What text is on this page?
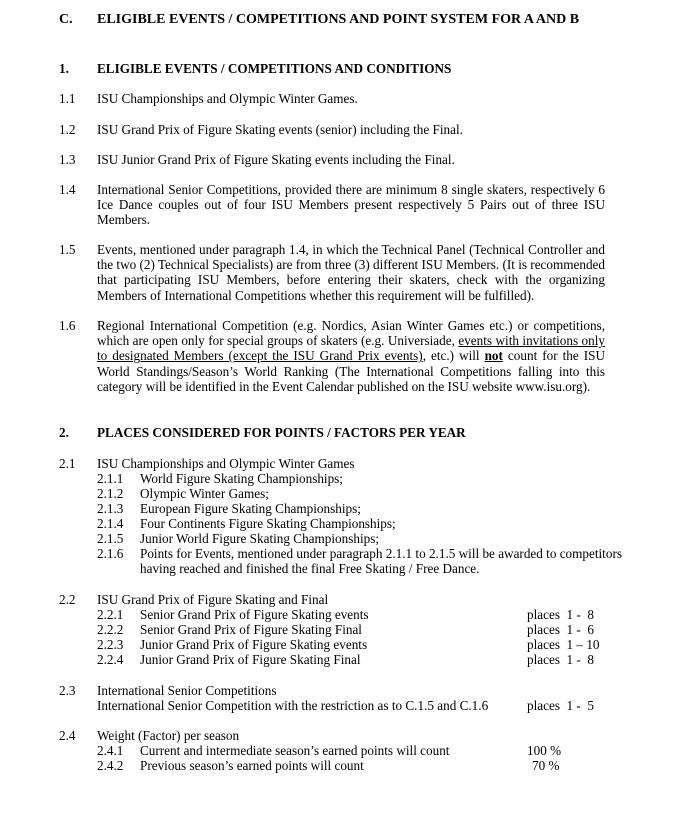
C. ELIGIBLE EVENTS / COMPETITIONS AND POINT SYSTEM FOR A AND B
1. ELIGIBLE EVENTS / COMPETITIONS AND CONDITIONS
1.1 ISU Championships and Olympic Winter Games.
1.2 ISU Grand Prix of Figure Skating events (senior) including the Final.
1.3 ISU Junior Grand Prix of Figure Skating events including the Final.
1.4 International Senior Competitions, provided there are minimum 8 single skaters, respectively 6 Ice Dance couples out of four ISU Members present respectively 5 Pairs out of three ISU Members.
1.5 Events, mentioned under paragraph 1.4, in which the Technical Panel (Technical Controller and the two (2) Technical Specialists) are from three (3) different ISU Members. (It is recommended that participating ISU Members, before entering their skaters, check with the organizing Members of International Competitions whether this requirement will be fulfilled).
1.6 Regional International Competition (e.g. Nordics, Asian Winter Games etc.) or competitions, which are open only for special groups of skaters (e.g. Universiade, events with invitations only to designated Members (except the ISU Grand Prix events), etc.) will not count for the ISU World Standings/Season’s World Ranking (The International Competitions falling into this category will be identified in the Event Calendar published on the ISU website www.isu.org).
2. PLACES CONSIDERED FOR POINTS / FACTORS PER YEAR
2.1 ISU Championships and Olympic Winter Games
2.1.1 World Figure Skating Championships;
2.1.2 Olympic Winter Games;
2.1.3 European Figure Skating Championships;
2.1.4 Four Continents Figure Skating Championships;
2.1.5 Junior World Figure Skating Championships;
2.1.6 Points for Events, mentioned under paragraph 2.1.1 to 2.1.5 will be awarded to competitors
having reached and finished the final Free Skating / Free Dance.
2.2 ISU Grand Prix of Figure Skating and Final
2.2.1 Senior Grand Prix of Figure Skating events	places  1 -  8
2.2.2 Senior Grand Prix of Figure Skating Final	places  1 -  6
2.2.3 Junior Grand Prix of Figure Skating events	places  1 – 10
2.2.4 Junior Grand Prix of Figure Skating Final	places  1 -  8
2.3 International Senior Competitions
International Senior Competition with the restriction as to C.1.5 and C.1.6	places  1 -  5
2.4 Weight (Factor) per season
2.4.1 Current and intermediate season’s earned points will count	100 %
2.4.2 Previous season’s earned points will count	70 %
